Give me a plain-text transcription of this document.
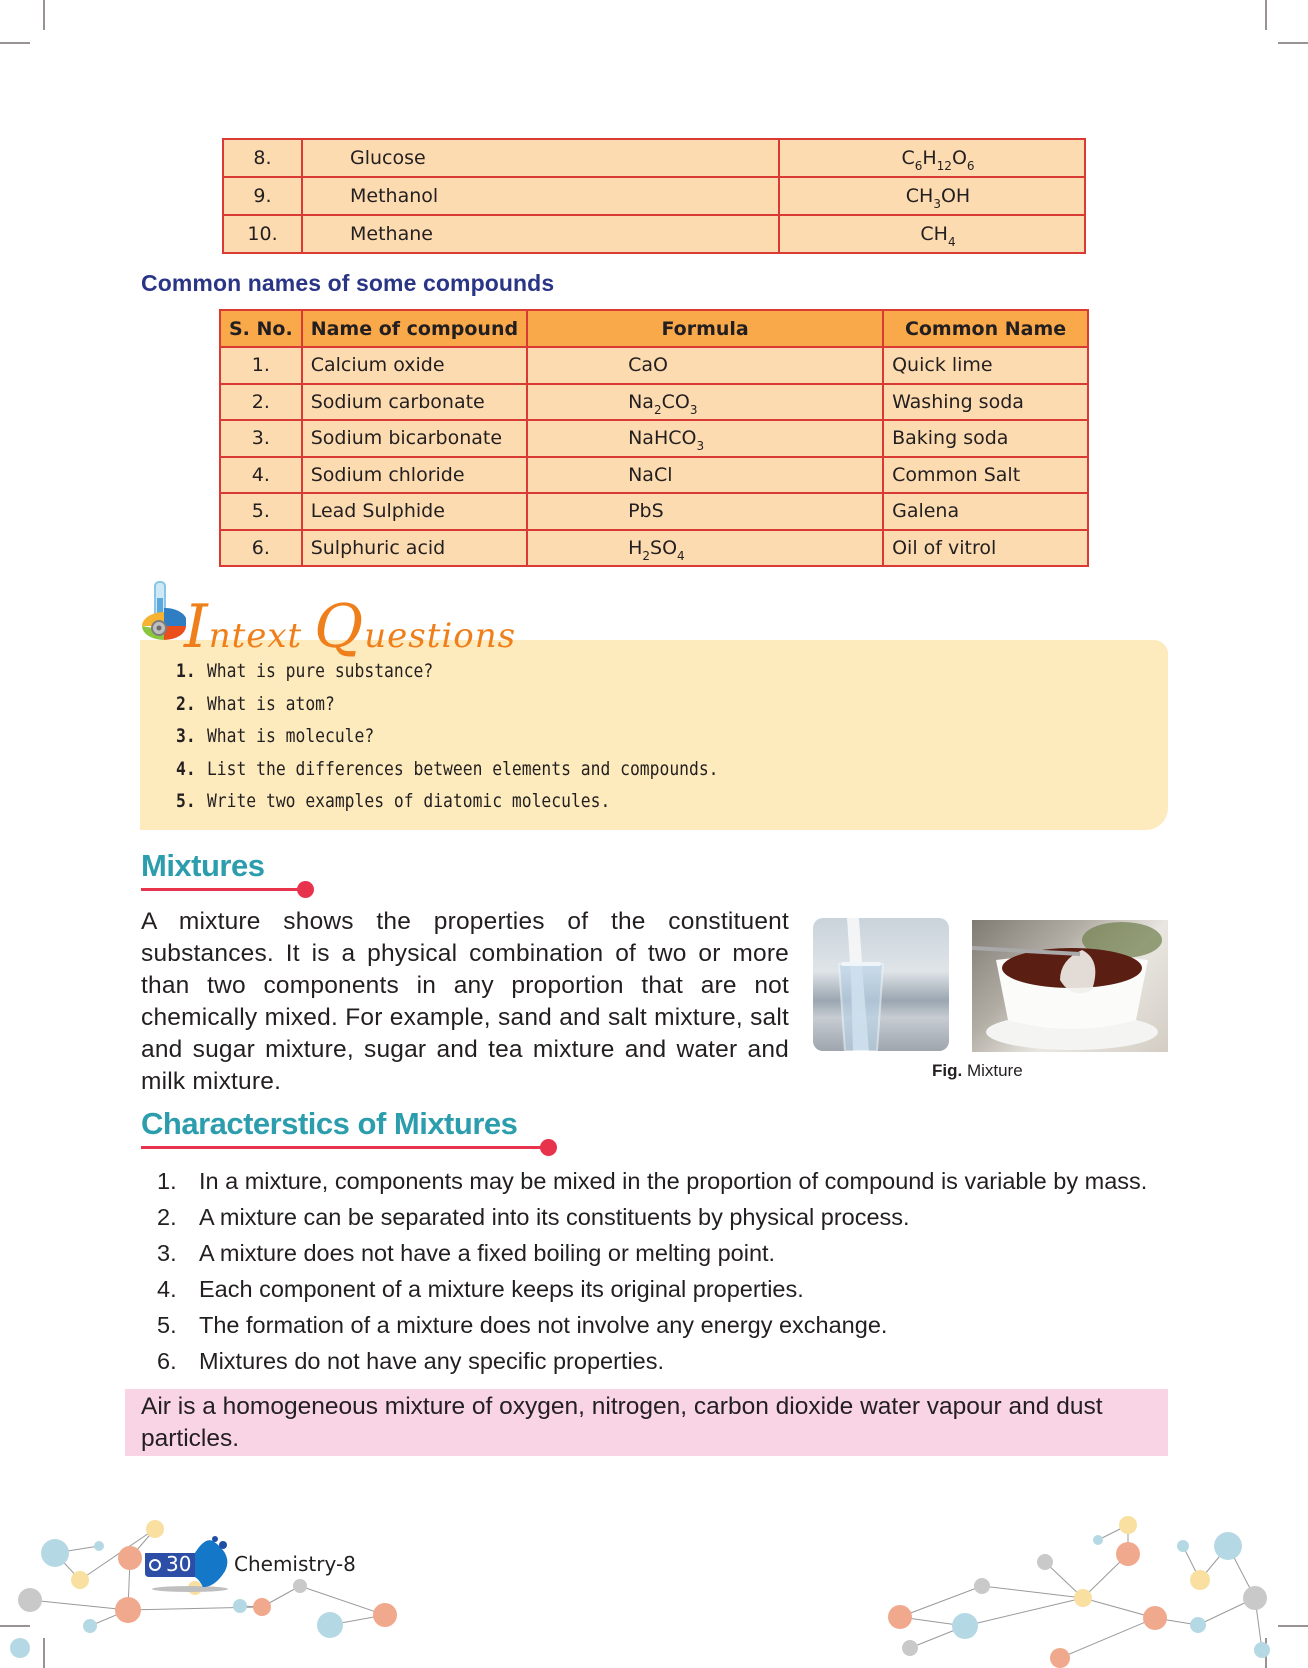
8.	Glucose	$C_6H_{12}O_6$
9.	Methanol	$CH_3OH$
10.	Methane	$CH_4$
Common names of some compounds
S. No.	Name of compound	Formula	Common Name
1.	Calcium oxide	CaO	Quick lime
2.	Sodium carbonate	$Na_2CO_3$	Washing soda
3.	Sodium bicarbonate	NaHCO$_3$	Baking soda
4.	Sodium chloride	NaCl	Common Salt
5.	Lead Sulphide	PbS	Galena
6.	Sulphuric acid	$H_2SO_4$	Oil of vitrol
Intext Questions
1. What is pure substance?
2. What is atom?
3. What is molecule?
4. List the differences between elements and compounds.
5. Write two examples of diatomic molecules.
Mixtures
A mixture shows the properties of the constituent substances. It is a physical combination of two or more than two components in any proportion that are not chemically mixed. For example, sand and salt mixture, salt and sugar mixture, sugar and tea mixture and water and milk mixture.	Fig. Mixture
Characterstics of Mixtures
1. In a mixture, components may be mixed in the proportion of compound is variable by mass.
2. A mixture can be separated into its constituents by physical process.
3. A mixture does not have a fixed boiling or melting point.
4. Each component of a mixture keeps its original properties.
5. The formation of a mixture does not involve any energy exchange.
6. Mixtures do not have any specific properties.
Air is a homogeneous mixture of oxygen, nitrogen, carbon dioxide water vapour and dust particles.
30 Chemistry-8
